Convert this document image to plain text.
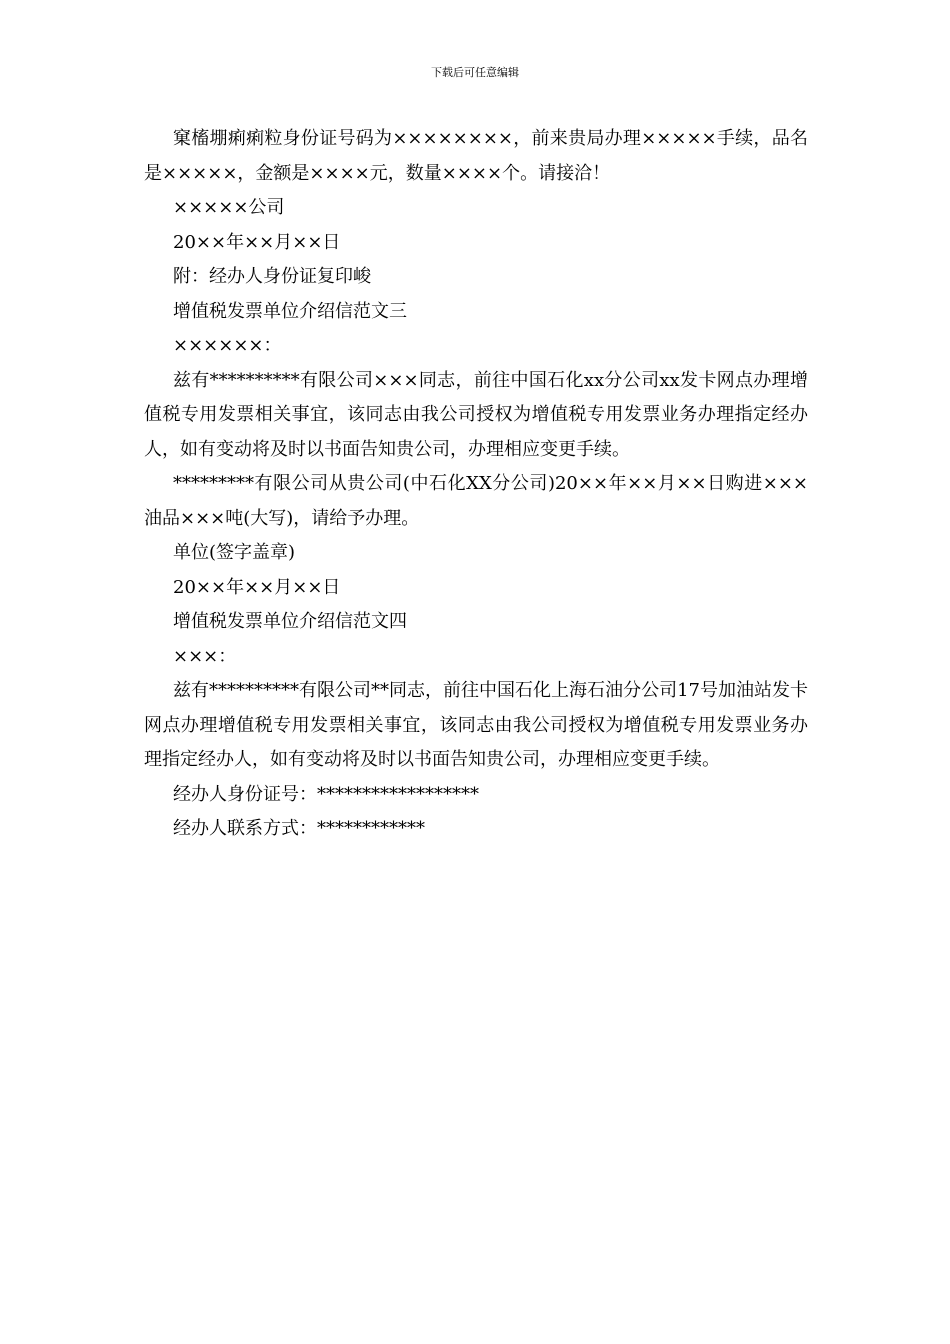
下载后可任意编辑

窠槒堋痢痢粒身份证号码为××××××××，前来贵局办理×××××手续，品名是×××××，金额是××××元，数量××××个。请接洽！

×××××公司

20××年××月××日

附：经办人身份证复印峻

增值税发票单位介绍信范文三

××××××：

兹有**********有限公司×××同志，前往中国石化xx分公司xx发卡网点办理增值税专用发票相关事宜，该同志由我公司授权为增值税专用发票业务办理指定经办人，如有变动将及时以书面告知贵公司，办理相应变更手续。

*********有限公司从贵公司(中石化XX分公司)20××年××月××日购进×××油品×××吨(大写)，请给予办理。

单位(签字盖章)

20××年××月××日

增值税发票单位介绍信范文四

×××：

兹有**********有限公司**同志，前往中国石化上海石油分公司17号加油站发卡网点办理增值税专用发票相关事宜，该同志由我公司授权为增值税专用发票业务办理指定经办人，如有变动将及时以书面告知贵公司，办理相应变更手续。

经办人身份证号：******************

经办人联系方式：************
